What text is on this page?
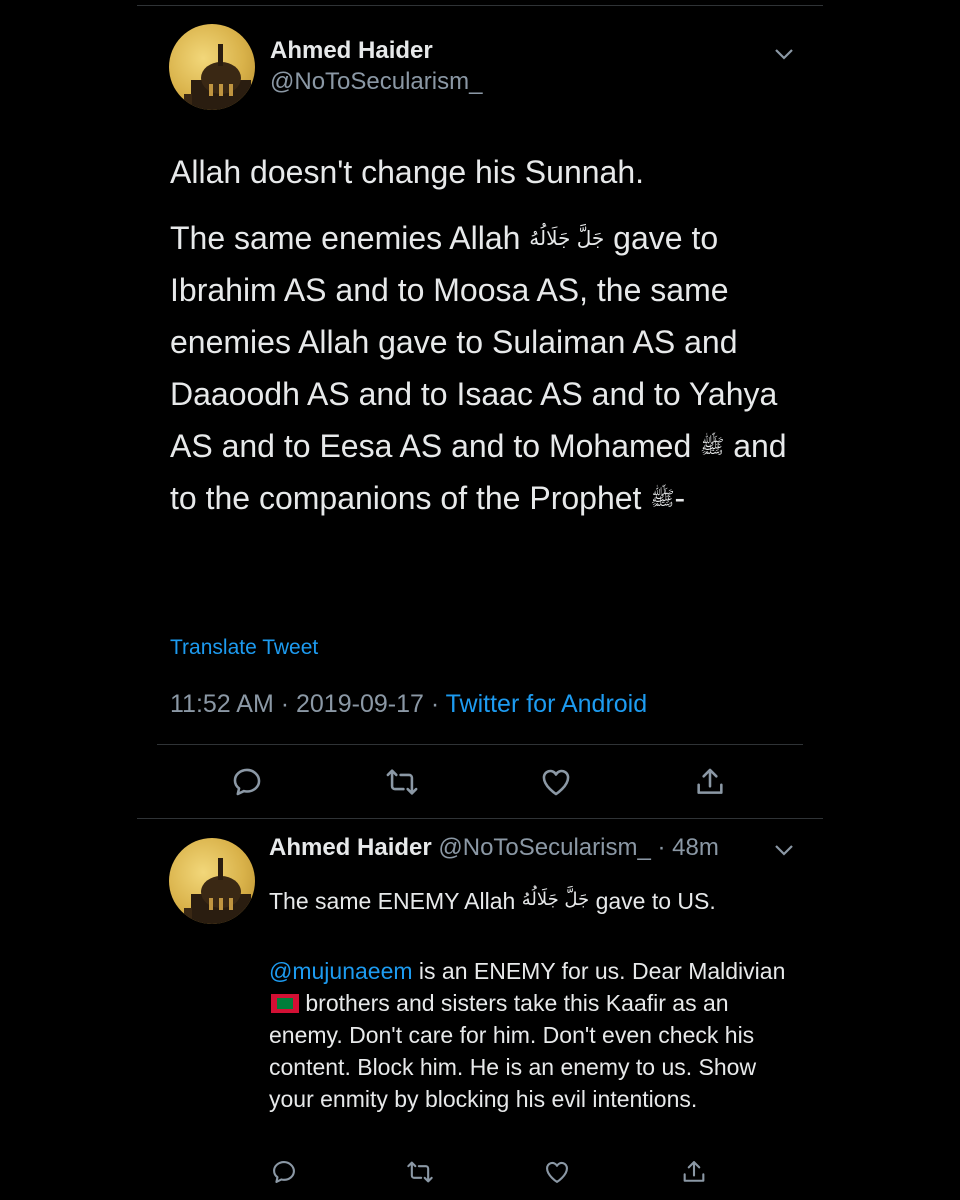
Ahmed Haider
@NoToSecularism_

Allah doesn't change his Sunnah.

The same enemies Allah جَلَّ جَلَالُهُ gave to Ibrahim AS and to Moosa AS, the same enemies Allah gave to Sulaiman AS and Daaoodh AS and to Isaac AS and to Yahya AS and to Eesa AS and to Mohamed ﷺ and to the companions of the Prophet ﷺ-

Translate Tweet
11:52 AM · 2019-09-17 · Twitter for Android
Ahmed Haider @NoToSecularism_ · 48m

The same ENEMY Allah جَلَّ جَلَالُهُ gave to US.

@mujunaeem is an ENEMY for us. Dear Maldivian brothers and sisters take this Kaafir as an enemy. Don't care for him. Don't even check his content. Block him. He is an enemy to us. Show your enmity by blocking his evil intentions.
